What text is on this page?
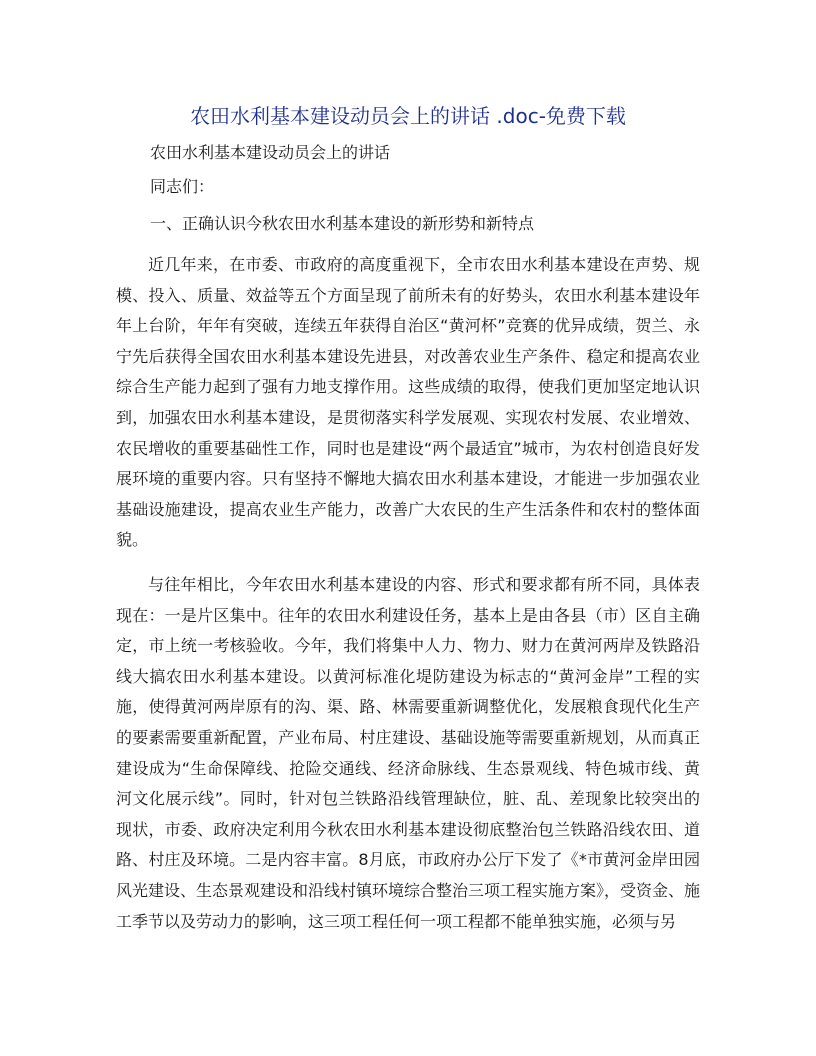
农田水利基本建设动员会上的讲话 .doc-免费下载
农田水利基本建设动员会上的讲话
同志们：
一、正确认识今秋农田水利基本建设的新形势和新特点

近几年来，在市委、市政府的高度重视下，全市农田水利基本建设在声势、规模、投入、质量、效益等五个方面呈现了前所未有的好势头，农田水利基本建设年年上台阶，年年有突破，连续五年获得自治区“黄河杯”竞赛的优异成绩，贺兰、永宁先后获得全国农田水利基本建设先进县，对改善农业生产条件、稳定和提高农业综合生产能力起到了强有力地支撑作用。这些成绩的取得，使我们更加坚定地认识到，加强农田水利基本建设，是贯彻落实科学发展观、实现农村发展、农业增效、农民增收的重要基础性工作，同时也是建设“两个最适宜”城市，为农村创造良好发展环境的重要内容。只有坚持不懈地大搞农田水利基本建设，才能进一步加强农业基础设施建设，提高农业生产能力，改善广大农民的生产生活条件和农村的整体面貌。

与往年相比，今年农田水利基本建设的内容、形式和要求都有所不同，具体表现在：一是片区集中。往年的农田水利建设任务，基本上是由各县（市）区自主确定，市上统一考核验收。今年，我们将集中人力、物力、财力在黄河两岸及铁路沿线大搞农田水利基本建设。以黄河标准化堤防建设为标志的“黄河金岸”工程的实施，使得黄河两岸原有的沟、渠、路、林需要重新调整优化，发展粮食现代化生产的要素需要重新配置，产业布局、村庄建设、基础设施等需要重新规划，从而真正建设成为“生命保障线、抢险交通线、经济命脉线、生态景观线、特色城市线、黄河文化展示线”。同时，针对包兰铁路沿线管理缺位，脏、乱、差现象比较突出的现状，市委、政府决定利用今秋农田水利基本建设彻底整治包兰铁路沿线农田、道路、村庄及环境。二是内容丰富。8月底，市政府办公厅下发了《*市黄河金岸田园风光建设、生态景观建设和沿线村镇环境综合整治三项工程实施方案》，受资金、施工季节以及劳动力的影响，这三项工程任何一项工程都不能单独实施，必须与另
